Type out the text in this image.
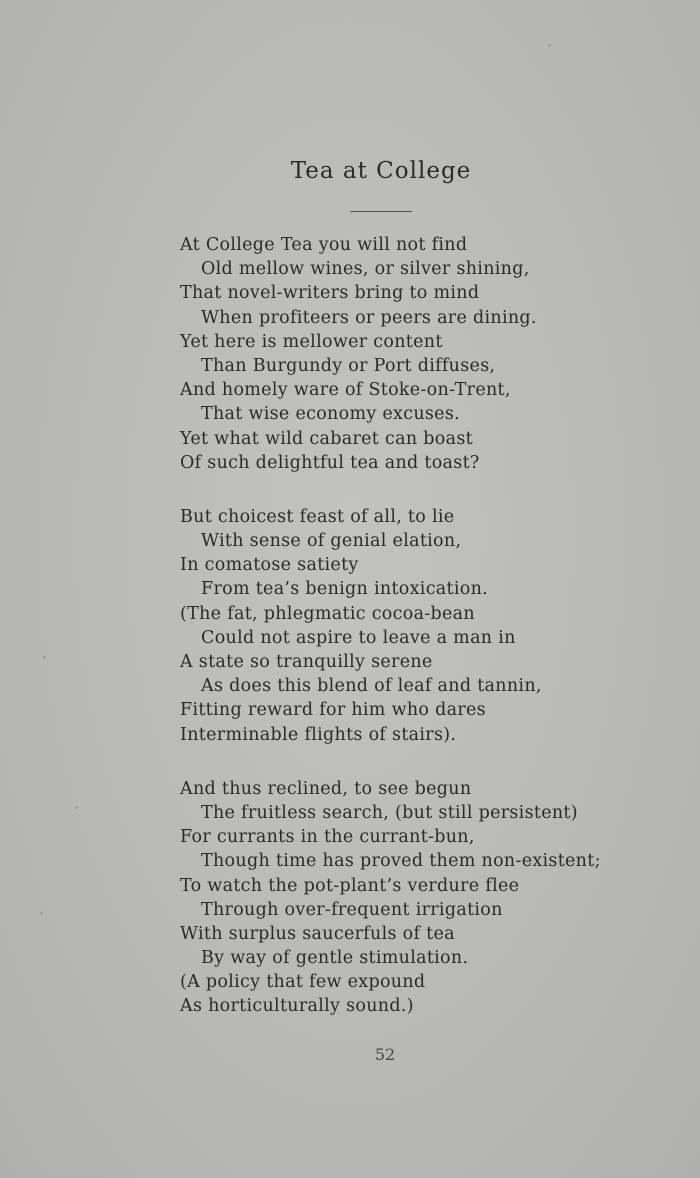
Tea at College
At College Tea you will not find
Old mellow wines, or silver shining,
That novel-writers bring to mind
When profiteers or peers are dining.
Yet here is mellower content
Than Burgundy or Port diffuses,
And homely ware of Stoke-on-Trent,
That wise economy excuses.
Yet what wild cabaret can boast
Of such delightful tea and toast?
But choicest feast of all, to lie
With sense of genial elation,
In comatose satiety
From tea’s benign intoxication.
(The fat, phlegmatic cocoa-bean
Could not aspire to leave a man in
A state so tranquilly serene
As does this blend of leaf and tannin,
Fitting reward for him who dares
Interminable flights of stairs).
And thus reclined, to see begun
The fruitless search, (but still persistent)
For currants in the currant-bun,
Though time has proved them non-existent;
To watch the pot-plant’s verdure flee
Through over-frequent irrigation
With surplus saucerfuls of tea
By way of gentle stimulation.
(A policy that few expound
As horticulturally sound.)
52
